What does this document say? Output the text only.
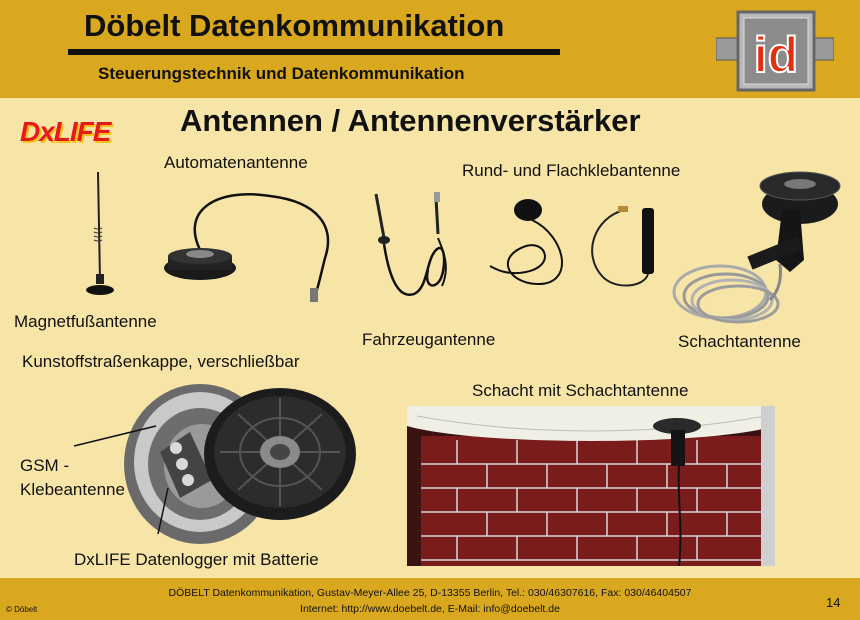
Döbelt Datenkommunikation
Steuerungstechnik und Datenkommunikation	id
DxLIFE Antennen / Antennenverstärker
Automatenantenne	Rund- und Flachklebantenne
Magnetfußantenne
Fahrzeugantenne	Schachtantenne
Kunstoffstraßenkappe, verschließbar
Schacht mit Schachtantenne
GSM -
Klebeantenne
DxLIFE Datenlogger mit Batterie
DÖBELT Datenkommunikation, Gustav-Meyer-Allee 25, D-13355 Berlin, Tel.: 030/46307616, Fax: 030/46404507
Internet: http://www.doebelt.de, E-Mail: info@doebelt.de
© Döbelt	14
